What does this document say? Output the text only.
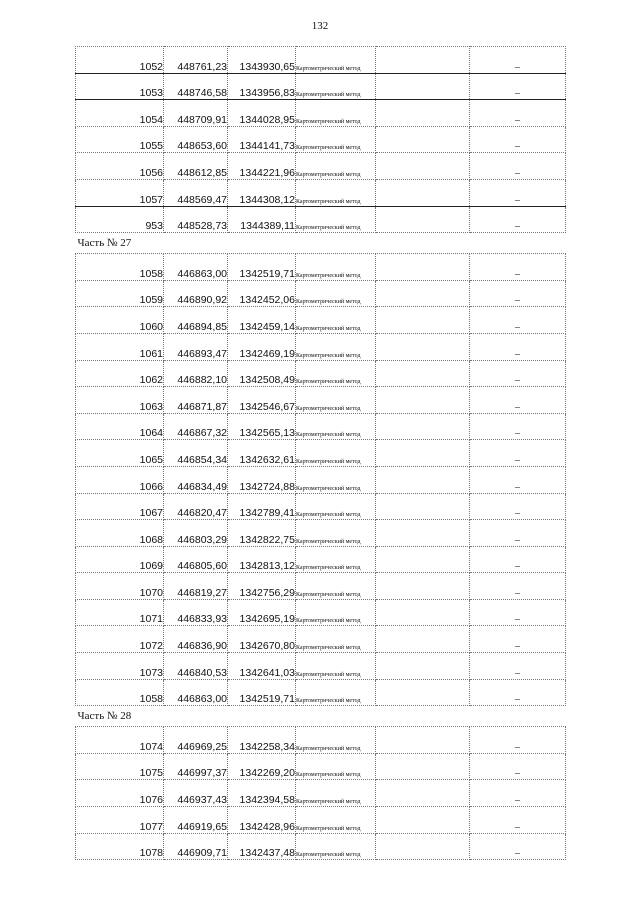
132
1052	448761,23	1343930,65	Картометрический метод		–
1053	448746,58	1343956,83	Картометрический метод		–
1054	448709,91	1344028,95	Картометрический метод		–
1055	448653,60	1344141,73	Картометрический метод		–
1056	448612,85	1344221,96	Картометрический метод		–
1057	448569,47	1344308,12	Картометрический метод		–
953	448528,73	1344389,11	Картометрический метод		–
Часть № 27					
1058	446863,00	1342519,71	Картометрический метод		–
1059	446890,92	1342452,06	Картометрический метод		–
1060	446894,85	1342459,14	Картометрический метод		–
1061	446893,47	1342469,19	Картометрический метод		–
1062	446882,10	1342508,49	Картометрический метод		–
1063	446871,87	1342546,67	Картометрический метод		–
1064	446867,32	1342565,13	Картометрический метод		–
1065	446854,34	1342632,61	Картометрический метод		–
1066	446834,49	1342724,88	Картометрический метод		–
1067	446820,47	1342789,41	Картометрический метод		–
1068	446803,29	1342822,75	Картометрический метод		–
1069	446805,60	1342813,12	Картометрический метод		–
1070	446819,27	1342756,29	Картометрический метод		–
1071	446833,93	1342695,19	Картометрический метод		–
1072	446836,90	1342670,80	Картометрический метод		–
1073	446840,53	1342641,03	Картометрический метод		–
1058	446863,00	1342519,71	Картометрический метод		–
Часть № 28					
1074	446969,25	1342258,34	Картометрический метод		–
1075	446997,37	1342269,20	Картометрический метод		–
1076	446937,43	1342394,58	Картометрический метод		–
1077	446919,65	1342428,96	Картометрический метод		–
1078	446909,71	1342437,48	Картометрический метод		–
